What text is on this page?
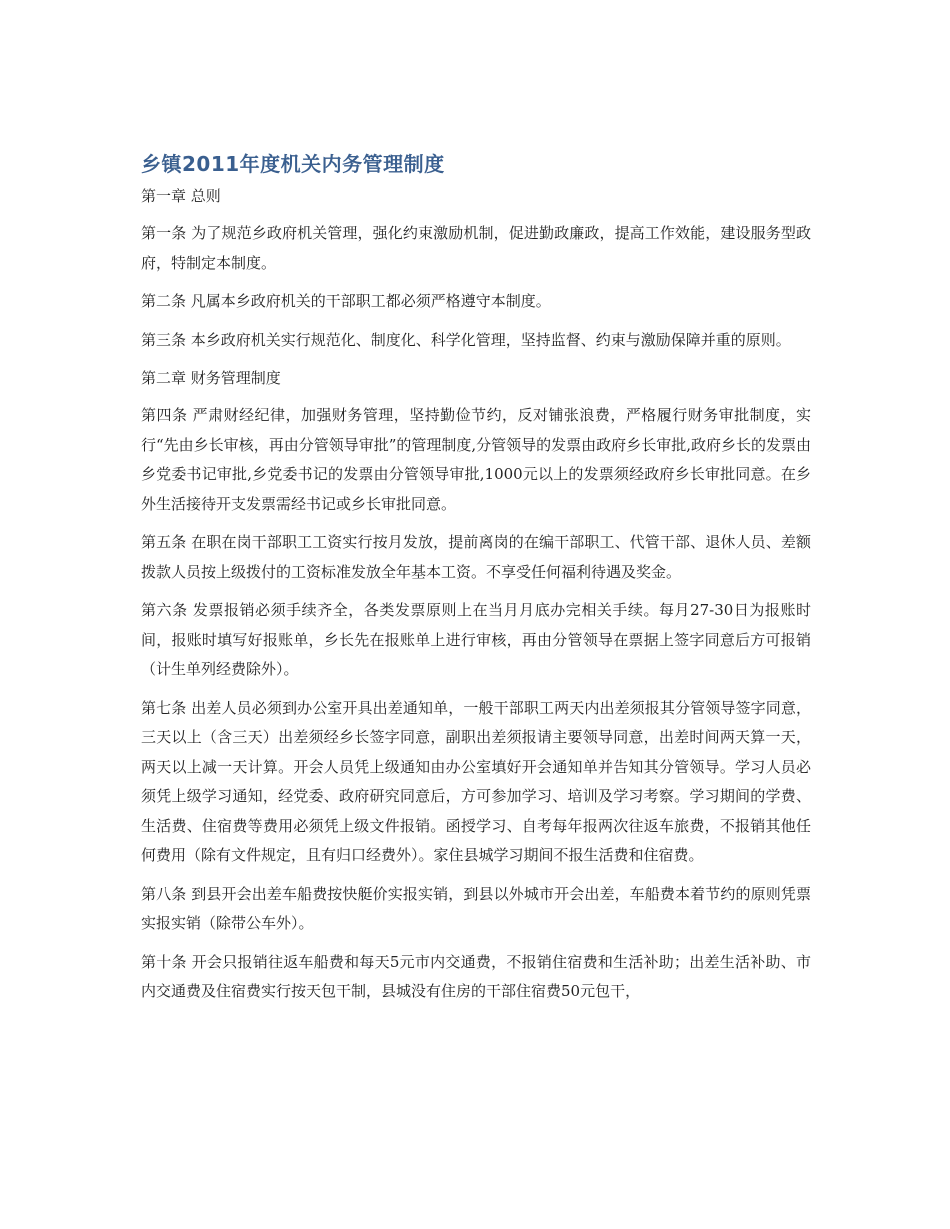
乡镇2011年度机关内务管理制度
第一章 总则

第一条 为了规范乡政府机关管理，强化约束激励机制，促进勤政廉政，提高工作效能，建设服务型政府，特制定本制度。

第二条 凡属本乡政府机关的干部职工都必须严格遵守本制度。

第三条 本乡政府机关实行规范化、制度化、科学化管理，坚持监督、约束与激励保障并重的原则。

第二章 财务管理制度

第四条 严肃财经纪律，加强财务管理，坚持勤俭节约，反对铺张浪费，严格履行财务审批制度，实行“先由乡长审核，再由分管领导审批”的管理制度,分管领导的发票由政府乡长审批,政府乡长的发票由乡党委书记审批,乡党委书记的发票由分管领导审批,1000元以上的发票须经政府乡长审批同意。在乡外生活接待开支发票需经书记或乡长审批同意。

第五条 在职在岗干部职工工资实行按月发放，提前离岗的在编干部职工、代管干部、退休人员、差额拨款人员按上级拨付的工资标准发放全年基本工资。不享受任何福利待遇及奖金。

第六条 发票报销必须手续齐全，各类发票原则上在当月月底办完相关手续。每月27-30日为报账时间，报账时填写好报账单，乡长先在报账单上进行审核，再由分管领导在票据上签字同意后方可报销（计生单列经费除外）。

第七条 出差人员必须到办公室开具出差通知单，一般干部职工两天内出差须报其分管领导签字同意，三天以上（含三天）出差须经乡长签字同意，副职出差须报请主要领导同意，出差时间两天算一天，两天以上减一天计算。开会人员凭上级通知由办公室填好开会通知单并告知其分管领导。学习人员必须凭上级学习通知，经党委、政府研究同意后，方可参加学习、培训及学习考察。学习期间的学费、生活费、住宿费等费用必须凭上级文件报销。函授学习、自考每年报两次往返车旅费，不报销其他任何费用（除有文件规定，且有归口经费外）。家住县城学习期间不报生活费和住宿费。

第八条 到县开会出差车船费按快艇价实报实销，到县以外城市开会出差，车船费本着节约的原则凭票实报实销（除带公车外）。

第十条 开会只报销往返车船费和每天5元市内交通费，不报销住宿费和生活补助；出差生活补助、市内交通费及住宿费实行按天包干制，县城没有住房的干部住宿费50元包干，
